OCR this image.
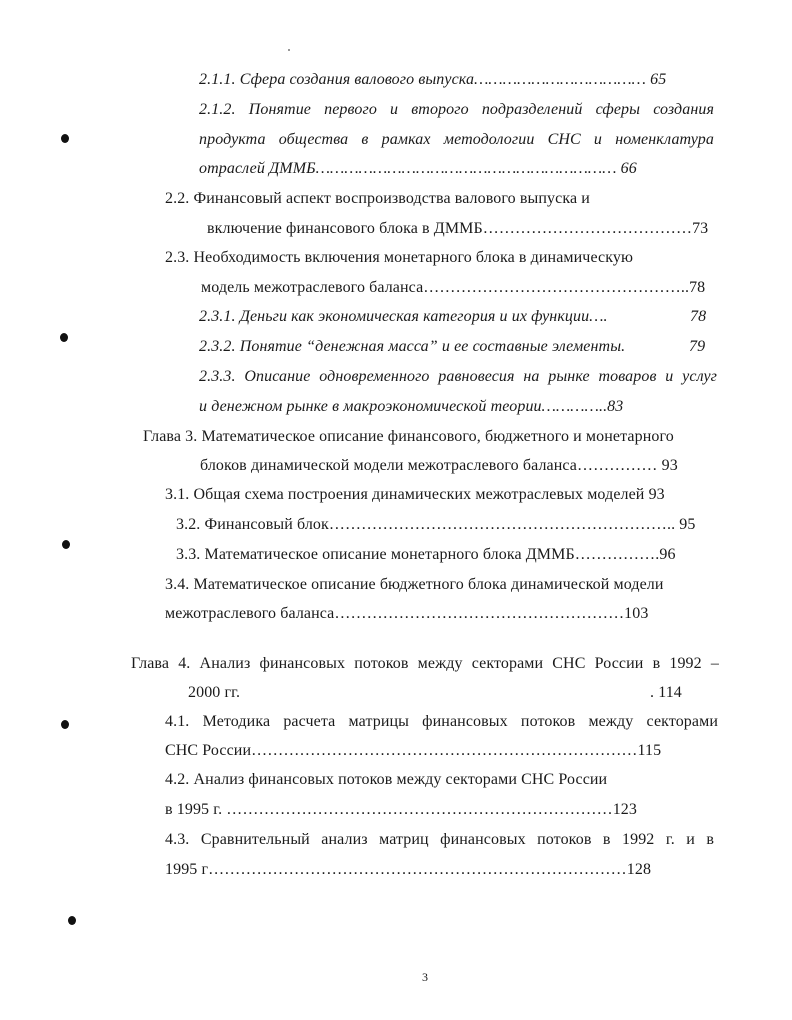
2.1.1. Сфера создания валового выпуска……………………………… 65
2.1.2. Понятие первого и второго подразделений сферы создания
продукта общества в рамках методологии СНС и номенклатура
отраслей ДММБ……………………………………………………… 66
2.2. Финансовый аспект воспроизводства валового выпуска и
включение финансового блока в ДММБ…………………………………73
2.3. Необходимость включения монетарного блока в динамическую
модель межотраслевого баланса…………………………………………..78
2.3.1. Деньги как экономическая категория и их функции….	78
2.3.2. Понятие “денежная масса” и ее составные элементы.	79
2.3.3. Описание одновременного равновесия на рынке товаров и услуг
и денежном рынке в макроэкономической теории…………..83
Глава 3. Математическое описание финансового, бюджетного и монетарного
блоков динамической модели межотраслевого баланса…………… 93
3.1. Общая схема построения динамических межотраслевых моделей 93
3.2. Финансовый блок……………………………………………………….. 95
3.3. Математическое описание монетарного блока ДММБ…………….96
3.4. Математическое описание бюджетного блока динамической модели
межотраслевого баланса………………………………………………103
Глава 4. Анализ финансовых потоков между секторами СНС России в 1992 –
2000 гг.	. 114
4.1. Методика расчета матрицы финансовых потоков между секторами
СНС России………………………………………………………………115
4.2. Анализ финансовых потоков между секторами СНС России
в 1995 г. ………………………………………………………………123
4.3. Сравнительный анализ матриц финансовых потоков в 1992 г. и в
1995 г……………………………………………………………………128
3
